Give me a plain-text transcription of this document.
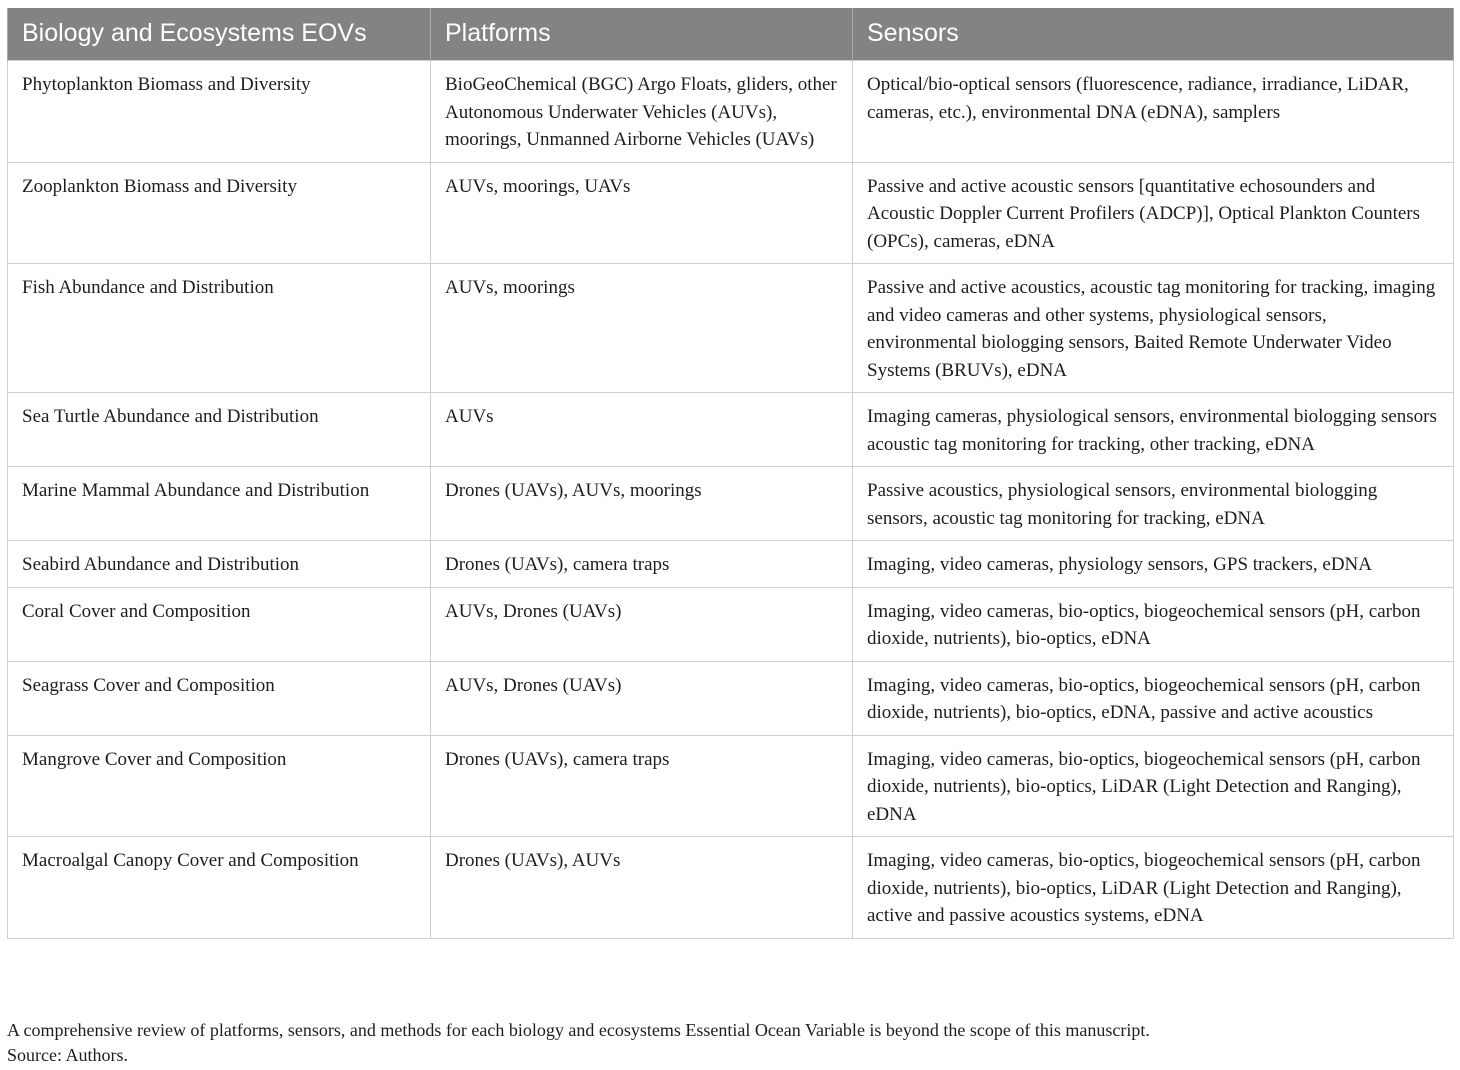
Biology and Ecosystems EOVs	Platforms	Sensors
Phytoplankton Biomass and Diversity	BioGeoChemical (BGC) Argo Floats, gliders, other Autonomous Underwater Vehicles (AUVs), moorings, Unmanned Airborne Vehicles (UAVs)	Optical/bio-optical sensors (fluorescence, radiance, irradiance, LiDAR, cameras, etc.), environmental DNA (eDNA), samplers
Zooplankton Biomass and Diversity	AUVs, moorings, UAVs	Passive and active acoustic sensors [quantitative echosounders and Acoustic Doppler Current Profilers (ADCP)], Optical Plankton Counters (OPCs), cameras, eDNA
Fish Abundance and Distribution	AUVs, moorings	Passive and active acoustics, acoustic tag monitoring for tracking, imaging and video cameras and other systems, physiological sensors, environmental biologging sensors, Baited Remote Underwater Video Systems (BRUVs), eDNA
Sea Turtle Abundance and Distribution	AUVs	Imaging cameras, physiological sensors, environmental biologging sensors acoustic tag monitoring for tracking, other tracking, eDNA
Marine Mammal Abundance and Distribution	Drones (UAVs), AUVs, moorings	Passive acoustics, physiological sensors, environmental biologging sensors, acoustic tag monitoring for tracking, eDNA
Seabird Abundance and Distribution	Drones (UAVs), camera traps	Imaging, video cameras, physiology sensors, GPS trackers, eDNA
Coral Cover and Composition	AUVs, Drones (UAVs)	Imaging, video cameras, bio-optics, biogeochemical sensors (pH, carbon dioxide, nutrients), bio-optics, eDNA
Seagrass Cover and Composition	AUVs, Drones (UAVs)	Imaging, video cameras, bio-optics, biogeochemical sensors (pH, carbon dioxide, nutrients), bio-optics, eDNA, passive and active acoustics
Mangrove Cover and Composition	Drones (UAVs), camera traps	Imaging, video cameras, bio-optics, biogeochemical sensors (pH, carbon dioxide, nutrients), bio-optics, LiDAR (Light Detection and Ranging), eDNA
Macroalgal Canopy Cover and Composition	Drones (UAVs), AUVs	Imaging, video cameras, bio-optics, biogeochemical sensors (pH, carbon dioxide, nutrients), bio-optics, LiDAR (Light Detection and Ranging), active and passive acoustics systems, eDNA

A comprehensive review of platforms, sensors, and methods for each biology and ecosystems Essential Ocean Variable is beyond the scope of this manuscript.

Source: Authors.
